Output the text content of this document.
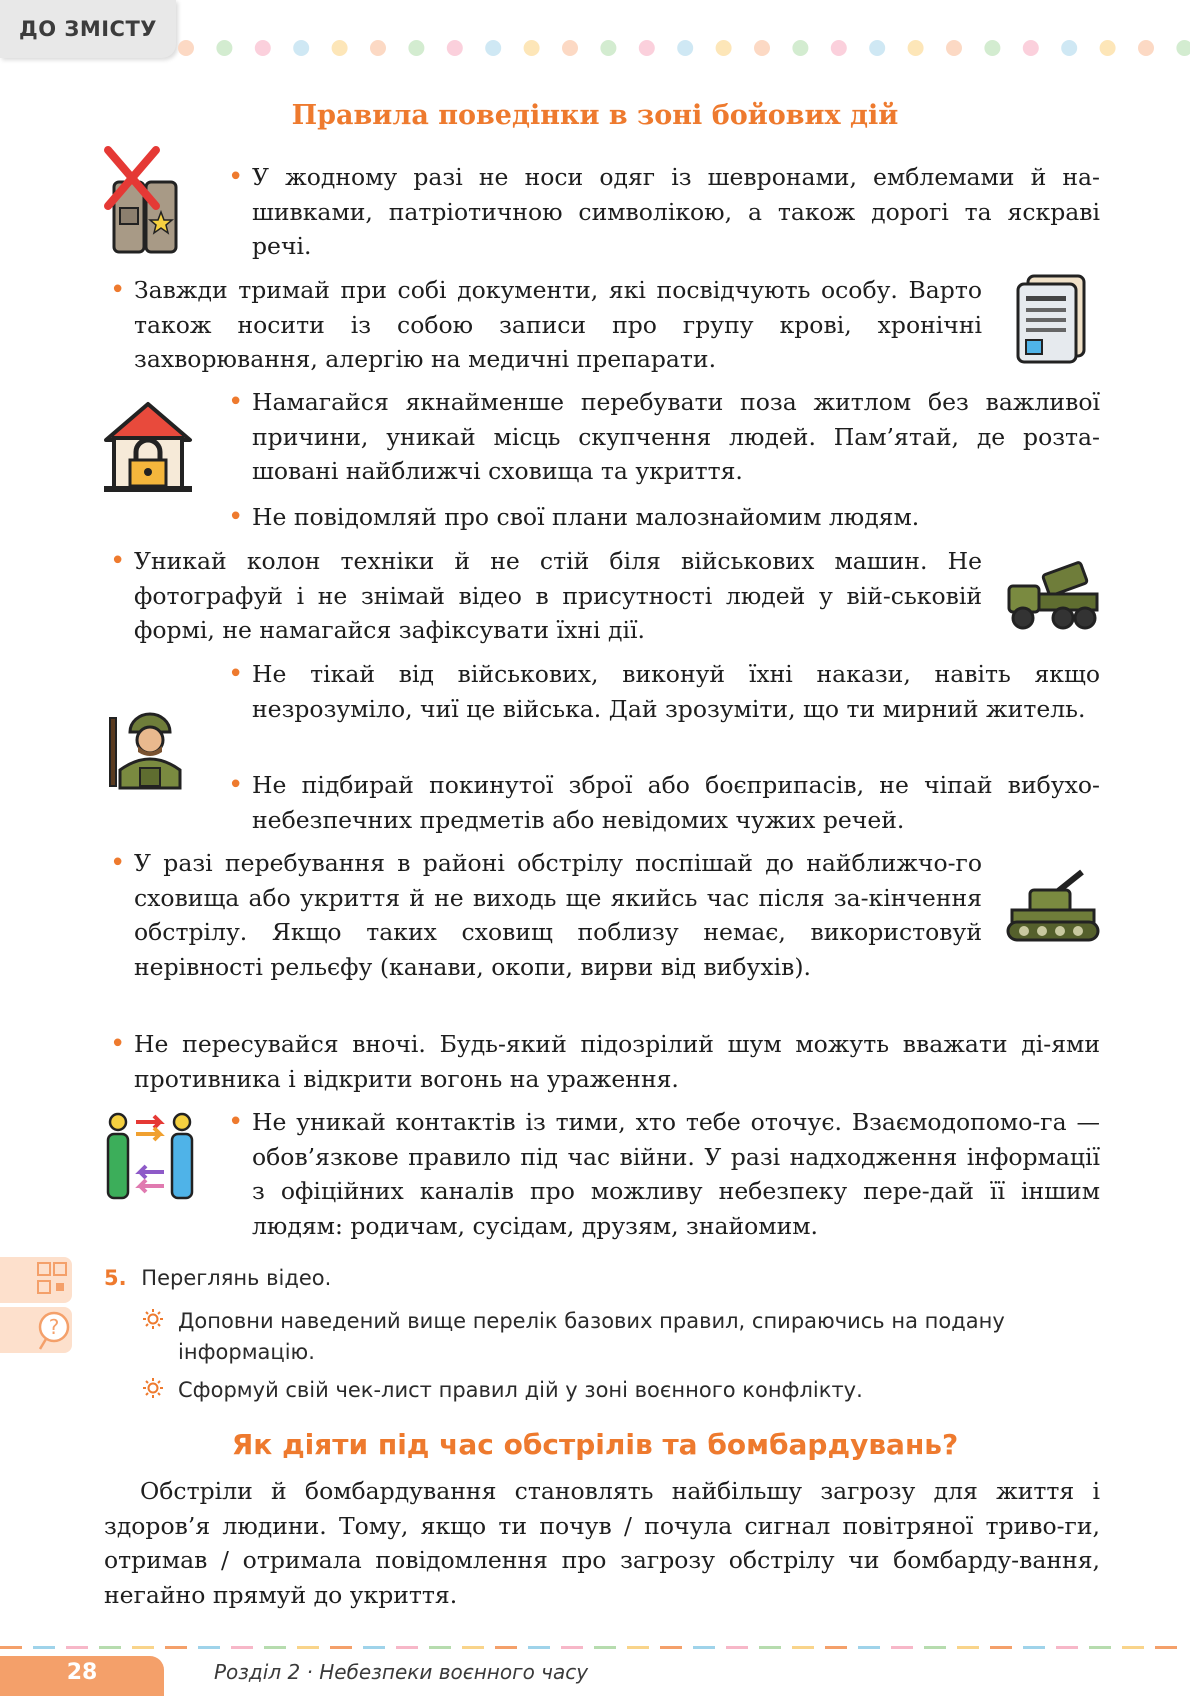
ДО ЗМІСТУ
Правила поведінки в зоні бойових дій

• У жодному разі не носи одяг із шевронами, емблемами й на-шивками, патріотичною символікою, а також дорогі та яскраві речі.

• Завжди тримай при собі документи, які посвідчують особу. Варто також носити із собою записи про групу крові, хронічні захворювання, алергію на медичні препарати.

• Намагайся якнайменше перебувати поза житлом без важливої причини, уникай місць скупчення людей. Пам’ятай, де розта-шовані найближчі сховища та укриття.

• Не повідомляй про свої плани малознайомим людям.

• Уникай колон техніки й не стій біля військових машин. Не фотографуй і не знімай відео в присутності людей у вій-ськовій формі, не намагайся зафіксувати їхні дії.

• Не тікай від військових, виконуй їхні накази, навіть якщо незрозуміло, чиї це війська. Дай зрозуміти, що ти мирний житель.

• Не підбирай покинутої зброї або боєприпасів, не чіпай вибухо-небезпечних предметів або невідомих чужих речей.

• У разі перебування в районі обстрілу поспішай до найближчо-го сховища або укриття й не виходь ще якийсь час після за-кінчення обстрілу. Якщо таких сховищ поблизу немає, використовуй нерівності рельєфу (канави, окопи, вирви від вибухів).

• Не пересувайся вночі. Будь-який підозрілий шум можуть вважати ді-ями противника і відкрити вогонь на ураження.

• Не уникай контактів із тими, хто тебе оточує. Взаємодопомо-га — обов’язкове правило під час війни. У разі надходження інформації з офіційних каналів про можливу небезпеку пере-дай її іншим людям: родичам, сусідам, друзям, знайомим.

?
5. Переглянь відео.
Доповни наведений вище перелік базових правил, спираючись на подану інформацію.
Сформуй свій чек-лист правил дій у зоні воєнного конфлікту.
Як діяти під час обстрілів та бомбардувань?

Обстріли й бомбардування становлять найбільшу загрозу для життя і здоров’я людини. Тому, якщо ти почув / почула сигнал повітряної триво-ги, отримав / отримала повідомлення про загрозу обстрілу чи бомбарду-вання, негайно прямуй до укриття.

28	Розділ 2 · Небезпеки воєнного часу
